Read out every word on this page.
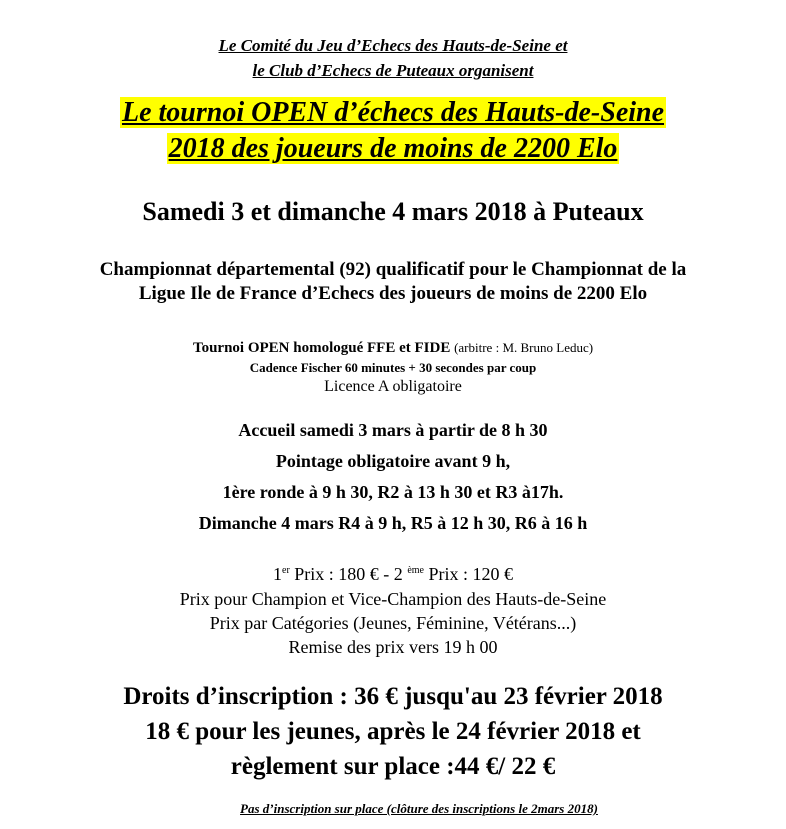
Le Comité du Jeu d’Echecs des Hauts-de-Seine et
le Club d’Echecs de Puteaux organisent
Le tournoi OPEN d’échecs des Hauts-de-Seine
2018 des joueurs de moins de 2200 Elo
Samedi 3 et dimanche 4 mars 2018 à Puteaux
Championnat départemental (92) qualificatif pour le Championnat de la
Ligue Ile de France d’Echecs des joueurs de moins de 2200 Elo
Tournoi OPEN homologué FFE et FIDE (arbitre : M. Bruno Leduc)
Cadence Fischer 60 minutes + 30 secondes par coup
Licence A obligatoire
Accueil samedi 3 mars à partir de 8 h 30
Pointage obligatoire avant 9 h,
1ère ronde à 9 h 30, R2 à 13 h 30 et R3 à17h.
Dimanche 4 mars R4 à 9 h, R5 à 12 h 30, R6 à 16 h
1er Prix : 180 € - 2 $^{ème}$ Prix : 120 €
Prix pour Champion et Vice-Champion des Hauts-de-Seine
Prix par Catégories (Jeunes, Féminine, Vétérans...)
Remise des prix vers 19 h 00
Droits d’inscription : 36 € jusqu'au 23 février 2018
18 € pour les jeunes, après le 24 février 2018 et
règlement sur place :44 €/ 22 €
Pas d’inscription sur place (clôture des inscriptions le 2mars 2018)
